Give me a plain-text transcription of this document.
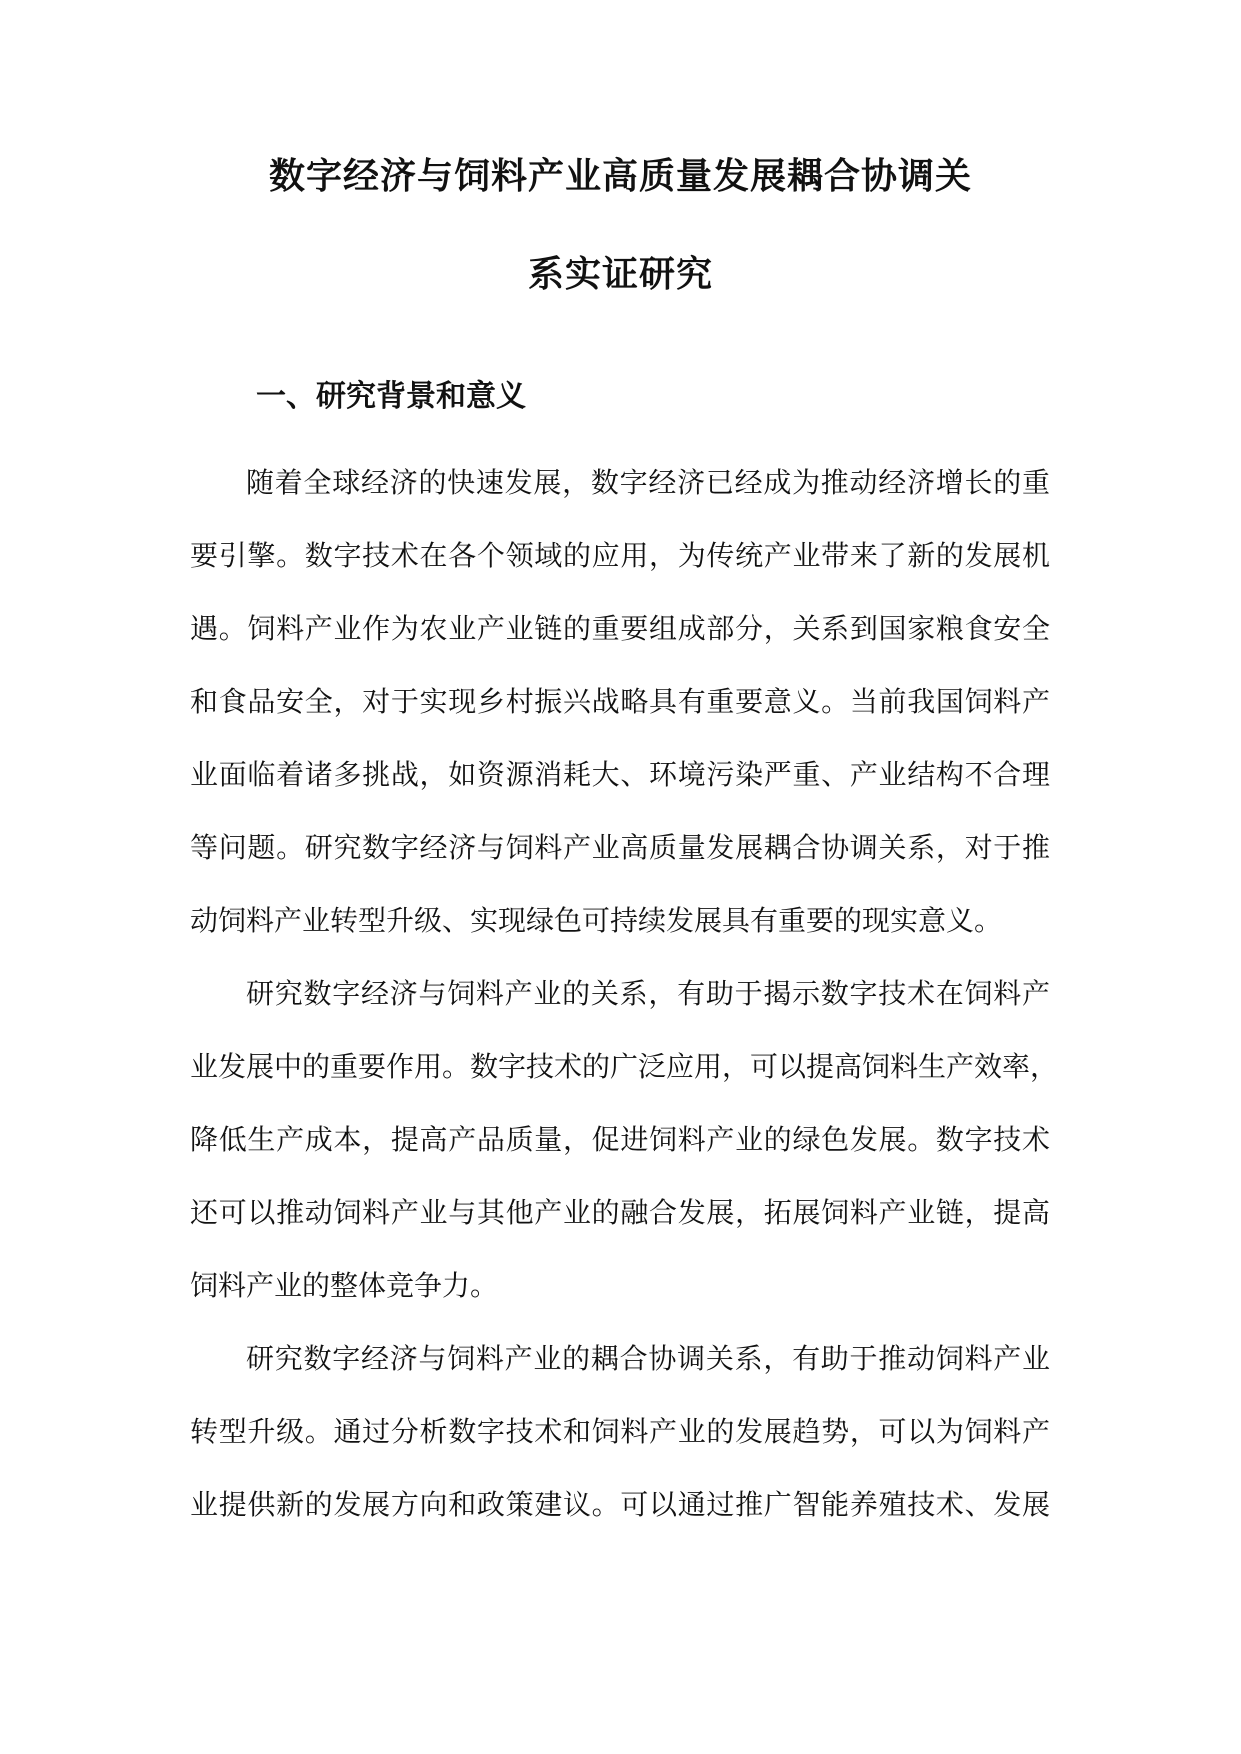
数字经济与饲料产业高质量发展耦合协调关
系实证研究
一、研究背景和意义
随着全球经济的快速发展，数字经济已经成为推动经济增长的重
要引擎。数字技术在各个领域的应用，为传统产业带来了新的发展机
遇。饲料产业作为农业产业链的重要组成部分，关系到国家粮食安全
和食品安全，对于实现乡村振兴战略具有重要意义。当前我国饲料产
业面临着诸多挑战，如资源消耗大、环境污染严重、产业结构不合理
等问题。研究数字经济与饲料产业高质量发展耦合协调关系，对于推
动饲料产业转型升级、实现绿色可持续发展具有重要的现实意义。
研究数字经济与饲料产业的关系，有助于揭示数字技术在饲料产
业发展中的重要作用。数字技术的广泛应用，可以提高饲料生产效率，
降低生产成本，提高产品质量，促进饲料产业的绿色发展。数字技术
还可以推动饲料产业与其他产业的融合发展，拓展饲料产业链，提高
饲料产业的整体竞争力。
研究数字经济与饲料产业的耦合协调关系，有助于推动饲料产业
转型升级。通过分析数字技术和饲料产业的发展趋势，可以为饲料产
业提供新的发展方向和政策建议。可以通过推广智能养殖技术、发展
